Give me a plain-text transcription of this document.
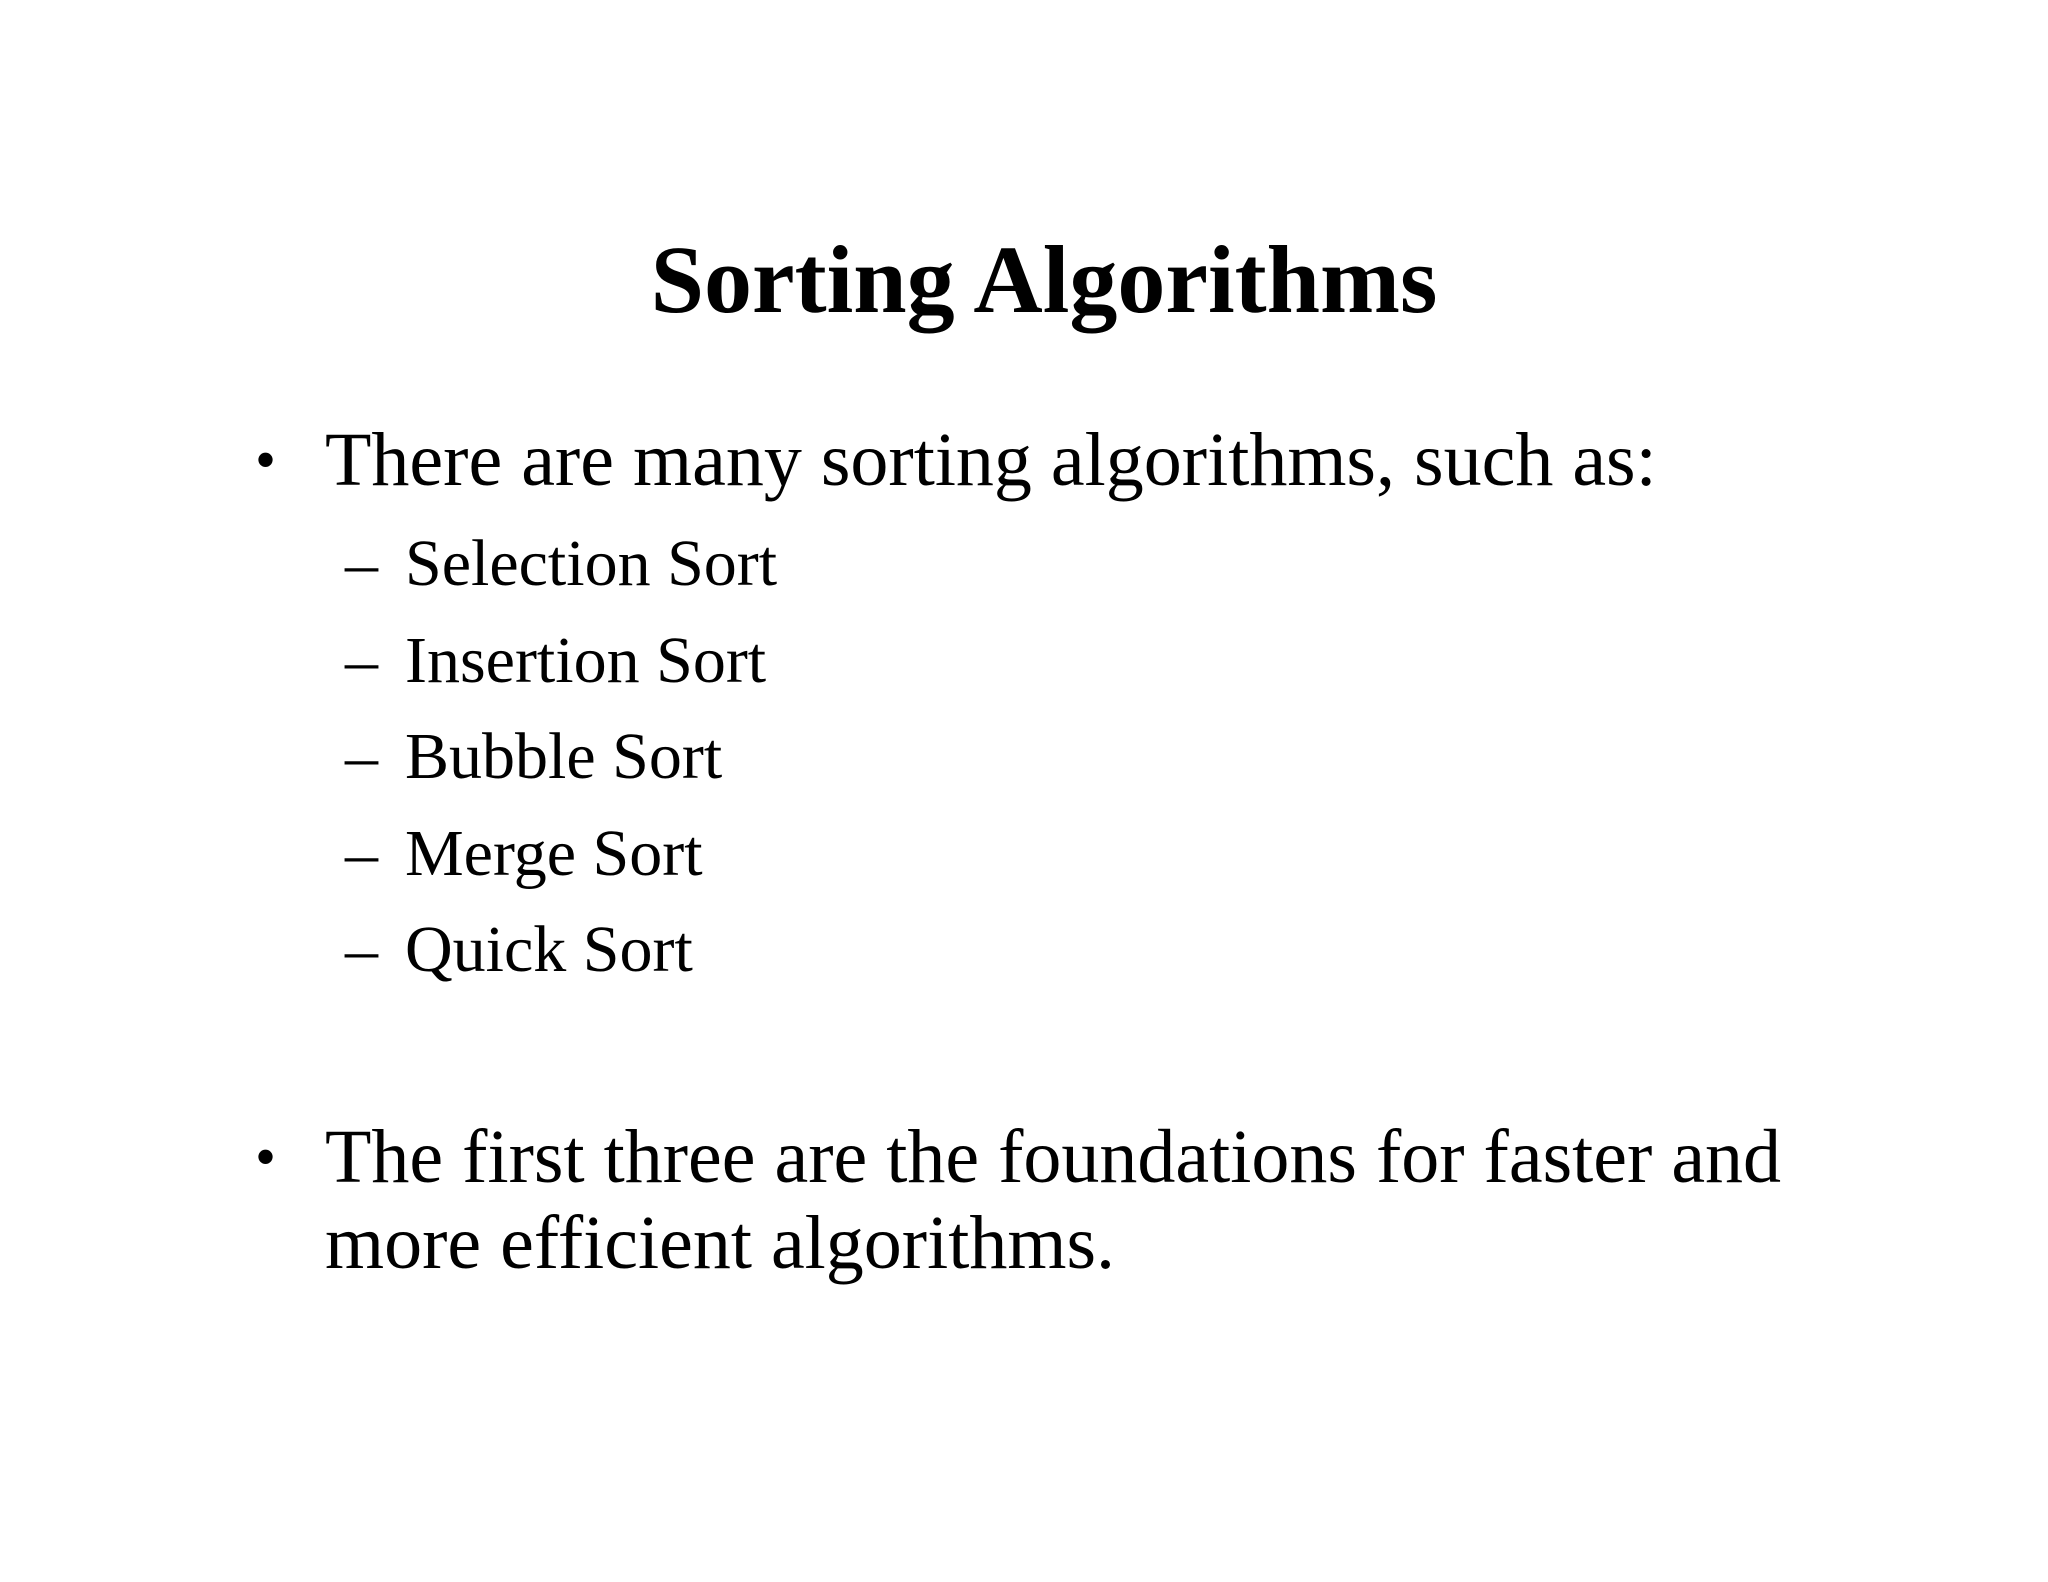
Sorting Algorithms
• There are many sorting algorithms, such as:
– Selection Sort
– Insertion Sort
– Bubble Sort
– Merge Sort
– Quick Sort
• The first three are the foundations for faster and more efficient algorithms.
